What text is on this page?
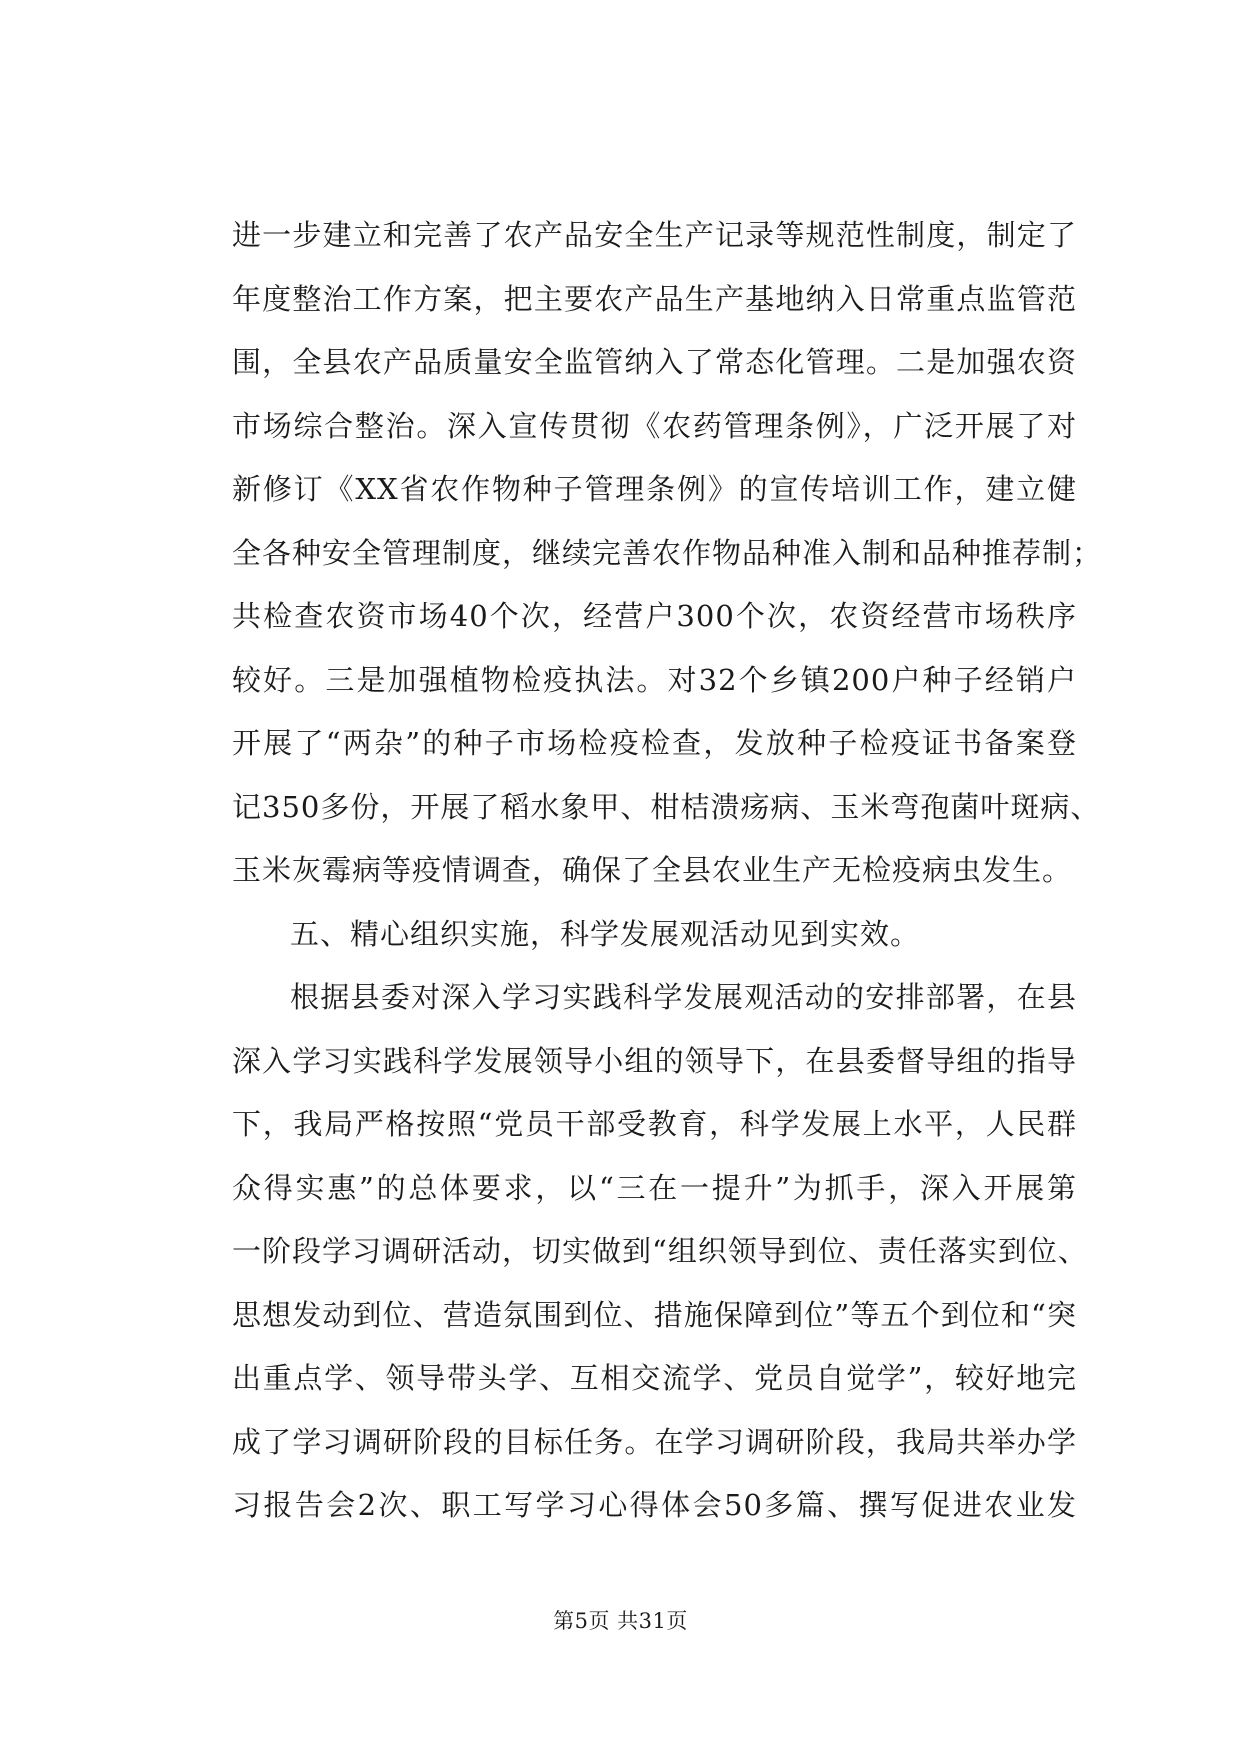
进一步建立和完善了农产品安全生产记录等规范性制度，制定了
年度整治工作方案，把主要农产品生产基地纳入日常重点监管范
围，全县农产品质量安全监管纳入了常态化管理。二是加强农资
市场综合整治。深入宣传贯彻《农药管理条例》，广泛开展了对
新修订《XX省农作物种子管理条例》的宣传培训工作，建立健
全各种安全管理制度，继续完善农作物品种准入制和品种推荐制；
共检查农资市场40个次，经营户300个次，农资经营市场秩序
较好。三是加强植物检疫执法。对32个乡镇200户种子经销户
开展了“两杂”的种子市场检疫检查，发放种子检疫证书备案登
记350多份，开展了稻水象甲、柑桔溃疡病、玉米弯孢菌叶斑病、
玉米灰霉病等疫情调查，确保了全县农业生产无检疫病虫发生。
五、精心组织实施，科学发展观活动见到实效。
根据县委对深入学习实践科学发展观活动的安排部署，在县
深入学习实践科学发展领导小组的领导下，在县委督导组的指导
下，我局严格按照“党员干部受教育，科学发展上水平，人民群
众得实惠”的总体要求，以“三在一提升”为抓手，深入开展第
一阶段学习调研活动，切实做到“组织领导到位、责任落实到位、
思想发动到位、营造氛围到位、措施保障到位”等五个到位和“突
出重点学、领导带头学、互相交流学、党员自觉学”，较好地完
成了学习调研阶段的目标任务。在学习调研阶段，我局共举办学
习报告会2次、职工写学习心得体会50多篇、撰写促进农业发
第5页 共31页
